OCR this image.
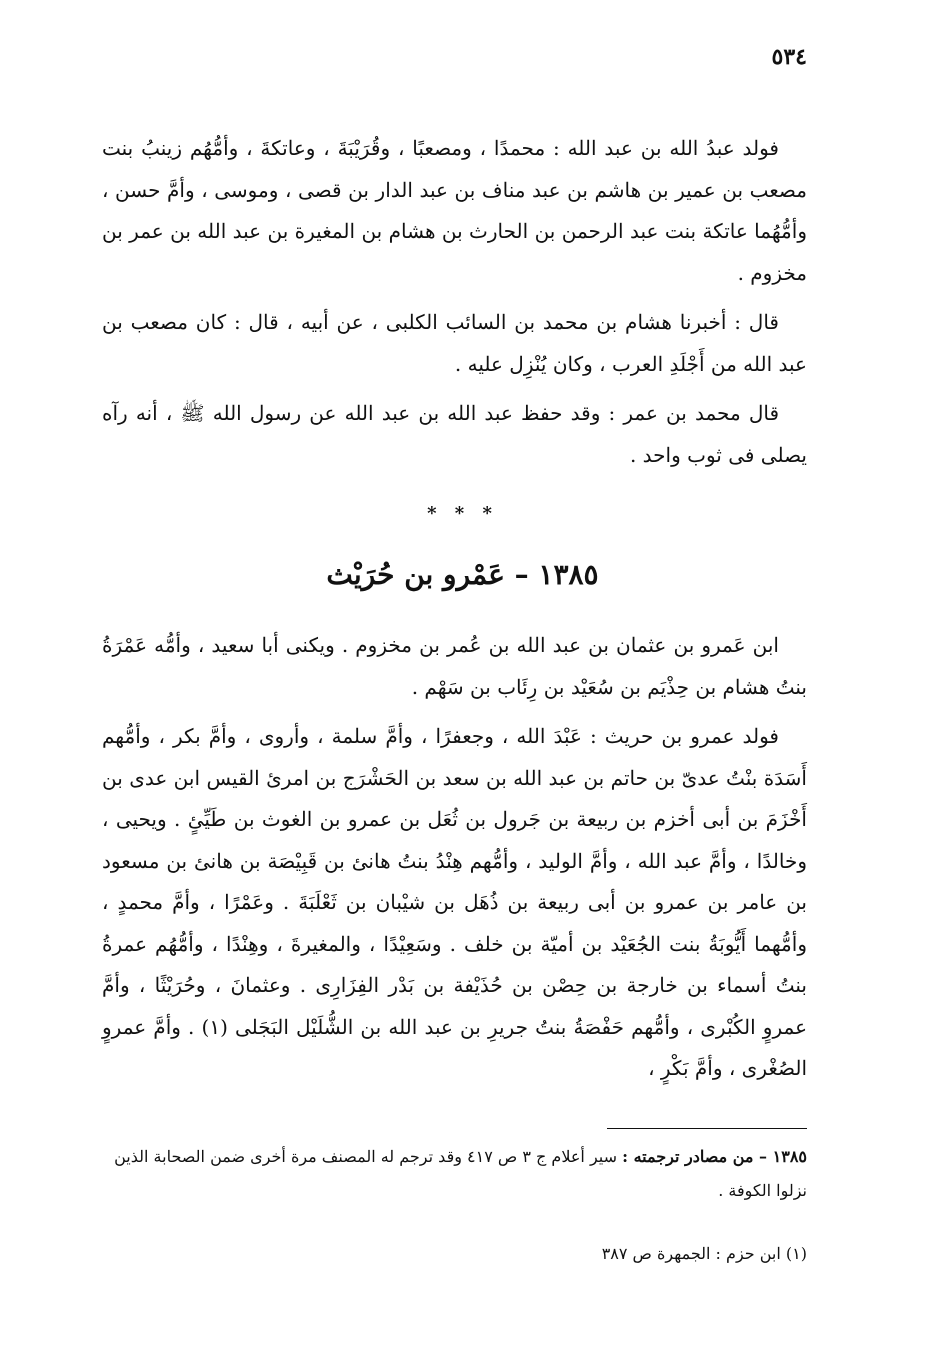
٥٣٤

فولد عبدُ الله بن عبد الله : محمدًا ، ومصعبًا ، وقُرَيْبَةَ ، وعاتكةَ ، وأمُّهُم زينبُ بنت مصعب بن عمير بن هاشم بن عبد مناف بن عبد الدار بن قصى ، وموسى ، وأمَّ حسن ، وأمُّهُما عاتكة بنت عبد الرحمن بن الحارث بن هشام بن المغيرة بن عبد الله بن عمر بن مخزوم .

قال : أخبرنا هشام بن محمد بن السائب الكلبى ، عن أبيه ، قال : كان مصعب بن عبد الله من أَجْلَدِ العرب ، وكان يُنْزِل عليه .

قال محمد بن عمر : وقد حفظ عبد الله بن عبد الله عن رسول الله ﷺ ، أنه رآه يصلى فى ثوب واحد .

* * *
١٣٨٥ – عَمْرو بن حُرَيْث

ابن عَمرو بن عثمان بن عبد الله بن عُمر بن مخزوم . ويكنى أبا سعيد ، وأمُّه عَمْرَةُ بنتُ هشام بن حِذْيَم بن سُعَيْد بن رِئَاب بن سَهْم .

فولد عمرو بن حريث : عَبْدَ الله ، وجعفرًا ، وأمَّ سلمة ، وأروى ، وأمَّ بكر ، وأمُّهم أَسَدَة بنْتُ عدىّ بن حاتم بن عبد الله بن سعد بن الحَشْرَج بن امرئ القيس ابن عدى بن أَخْزَمَ بن أبى أخزم بن ربيعة بن جَرول بن ثُعَل بن عمرو بن الغوث بن طَيِّئٍ . ويحيى ، وخالدًا ، وأمَّ عبد الله ، وأمَّ الوليد ، وأمُّهم هِنْدُ بنتُ هانئ بن قَبِيْصَة بن هانئ بن مسعود بن عامر بن عمرو بن أبى ربيعة بن ذُهَل بن شيْبان بن ثَعْلَبَةَ . وعَمْرًا ، وأمَّ محمدٍ ، وأمُّهما أَيُّوبَةُ بنت الجُعَيْد بن أميّة بن خلف . وسَعِيْدًا ، والمغيرةَ ، وهِنْدًا ، وأمُّهُم عمرةُ بنتُ أسماء بن خارجة بن حِصْن بن حُذَيْفة بن بَدْر الفِزَارِى . وعثمانَ ، وحُرَيْثًا ، وأمَّ عمروٍ الكُبْرى ، وأمُّهم حَفْصَةُ بنتُ جريرِ بن عبد الله بن الشُّلَيْل البَجَلى (١) . وأمَّ عمروٍ الصُغْرى ، وأمَّ بَكْرٍ ،

١٣٨٥ – من مصادر ترجمته : سير أعلام ج ٣ ص ٤١٧ وقد ترجم له المصنف مرة أخرى ضمن الصحابة الذين نزلوا الكوفة .
(١) ابن حزم : الجمهرة ص ٣٨٧
